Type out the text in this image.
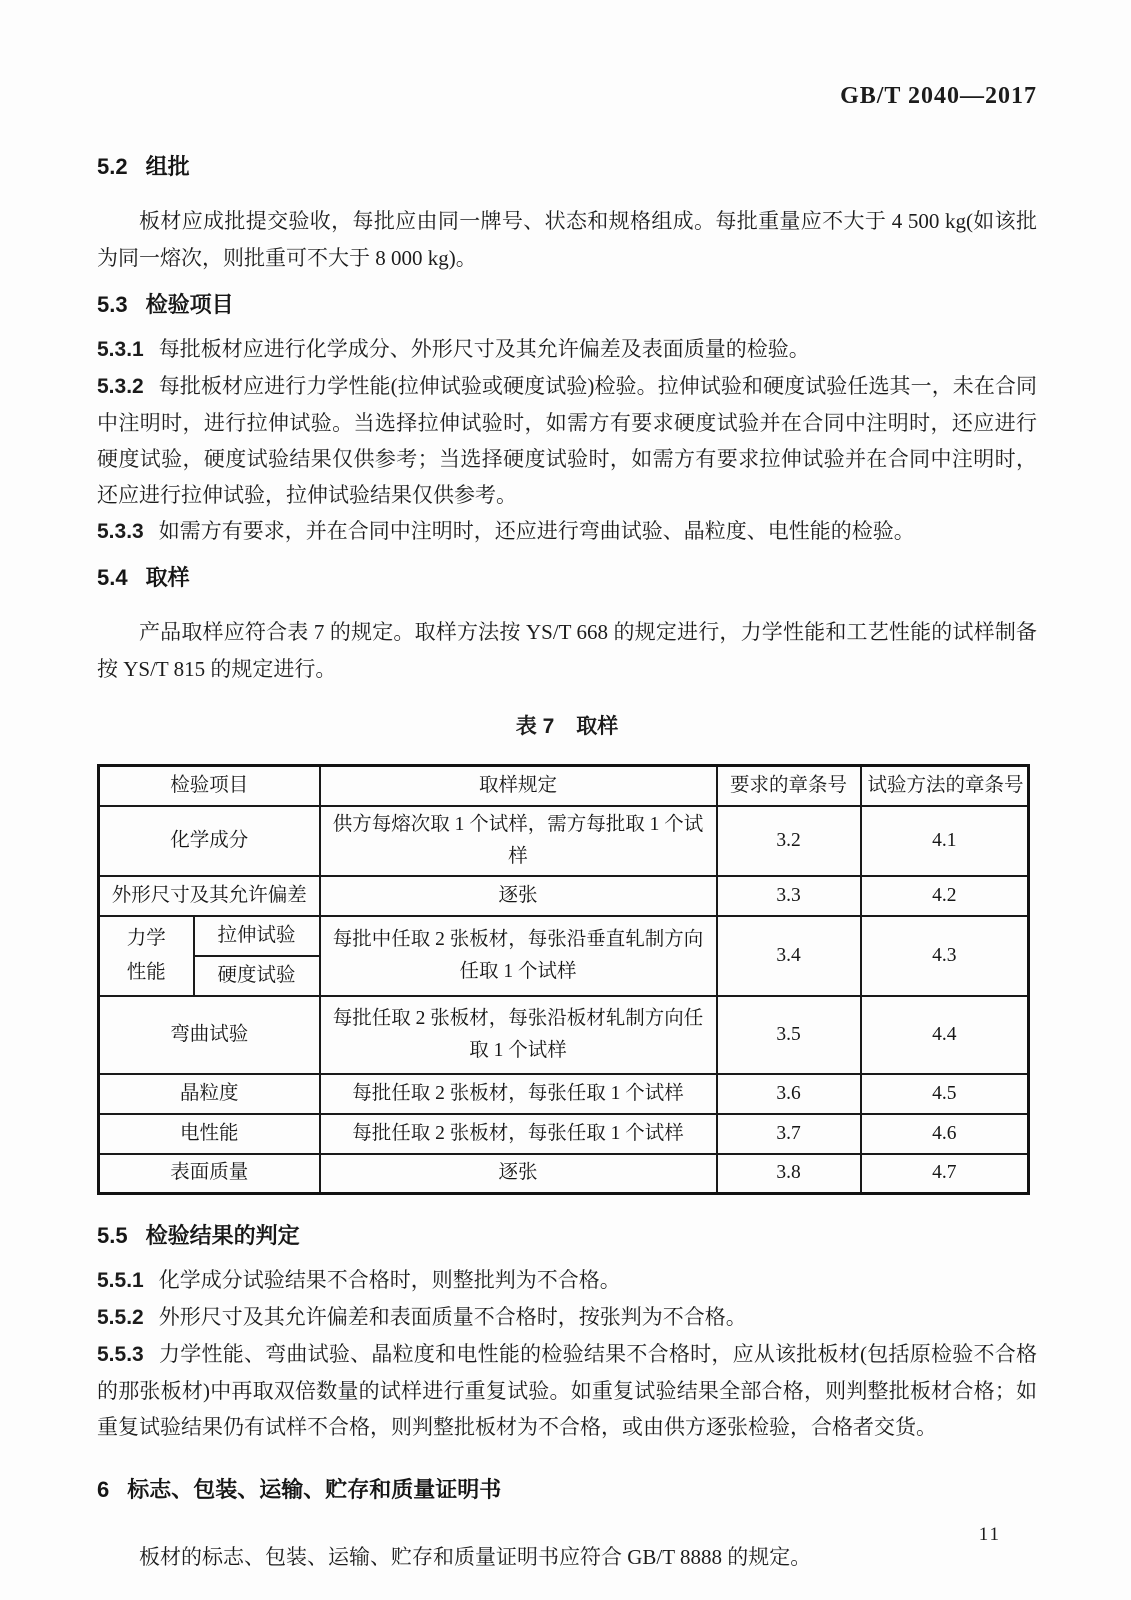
GB/T 2040—2017
5.2 组批

板材应成批提交验收，每批应由同一牌号、状态和规格组成。每批重量应不大于 4 500 kg(如该批为同一熔次，则批重可不大于 8 000 kg)。

5.3 检验项目

5.3.1 每批板材应进行化学成分、外形尺寸及其允许偏差及表面质量的检验。

5.3.2 每批板材应进行力学性能(拉伸试验或硬度试验)检验。拉伸试验和硬度试验任选其一，未在合同中注明时，进行拉伸试验。当选择拉伸试验时，如需方有要求硬度试验并在合同中注明时，还应进行硬度试验，硬度试验结果仅供参考；当选择硬度试验时，如需方有要求拉伸试验并在合同中注明时，还应进行拉伸试验，拉伸试验结果仅供参考。

5.3.3 如需方有要求，并在合同中注明时，还应进行弯曲试验、晶粒度、电性能的检验。

5.4 取样

产品取样应符合表 7 的规定。取样方法按 YS/T 668 的规定进行，力学性能和工艺性能的试样制备按 YS/T 815 的规定进行。

表 7 取样
检验项目		取样规定	要求的章条号	试验方法的章条号
化学成分		供方每熔次取 1 个试样，需方每批取 1 个试样	3.2	4.1
外形尺寸及其允许偏差		逐张	3.3	4.2
力学性能	拉伸试验	每批中任取 2 张板材，每张沿垂直轧制方向任取 1 个试样	3.4	4.3
	硬度试验			
弯曲试验		每批任取 2 张板材，每张沿板材轧制方向任取 1 个试样	3.5	4.4
晶粒度		每批任取 2 张板材，每张任取 1 个试样	3.6	4.5
电性能		每批任取 2 张板材，每张任取 1 个试样	3.7	4.6
表面质量		逐张	3.8	4.7
5.5 检验结果的判定

5.5.1 化学成分试验结果不合格时，则整批判为不合格。

5.5.2 外形尺寸及其允许偏差和表面质量不合格时，按张判为不合格。

5.5.3 力学性能、弯曲试验、晶粒度和电性能的检验结果不合格时，应从该批板材(包括原检验不合格的那张板材)中再取双倍数量的试样进行重复试验。如重复试验结果全部合格，则判整批板材合格；如重复试验结果仍有试样不合格，则判整批板材为不合格，或由供方逐张检验，合格者交货。

6 标志、包装、运输、贮存和质量证明书

板材的标志、包装、运输、贮存和质量证明书应符合 GB/T 8888 的规定。

11
